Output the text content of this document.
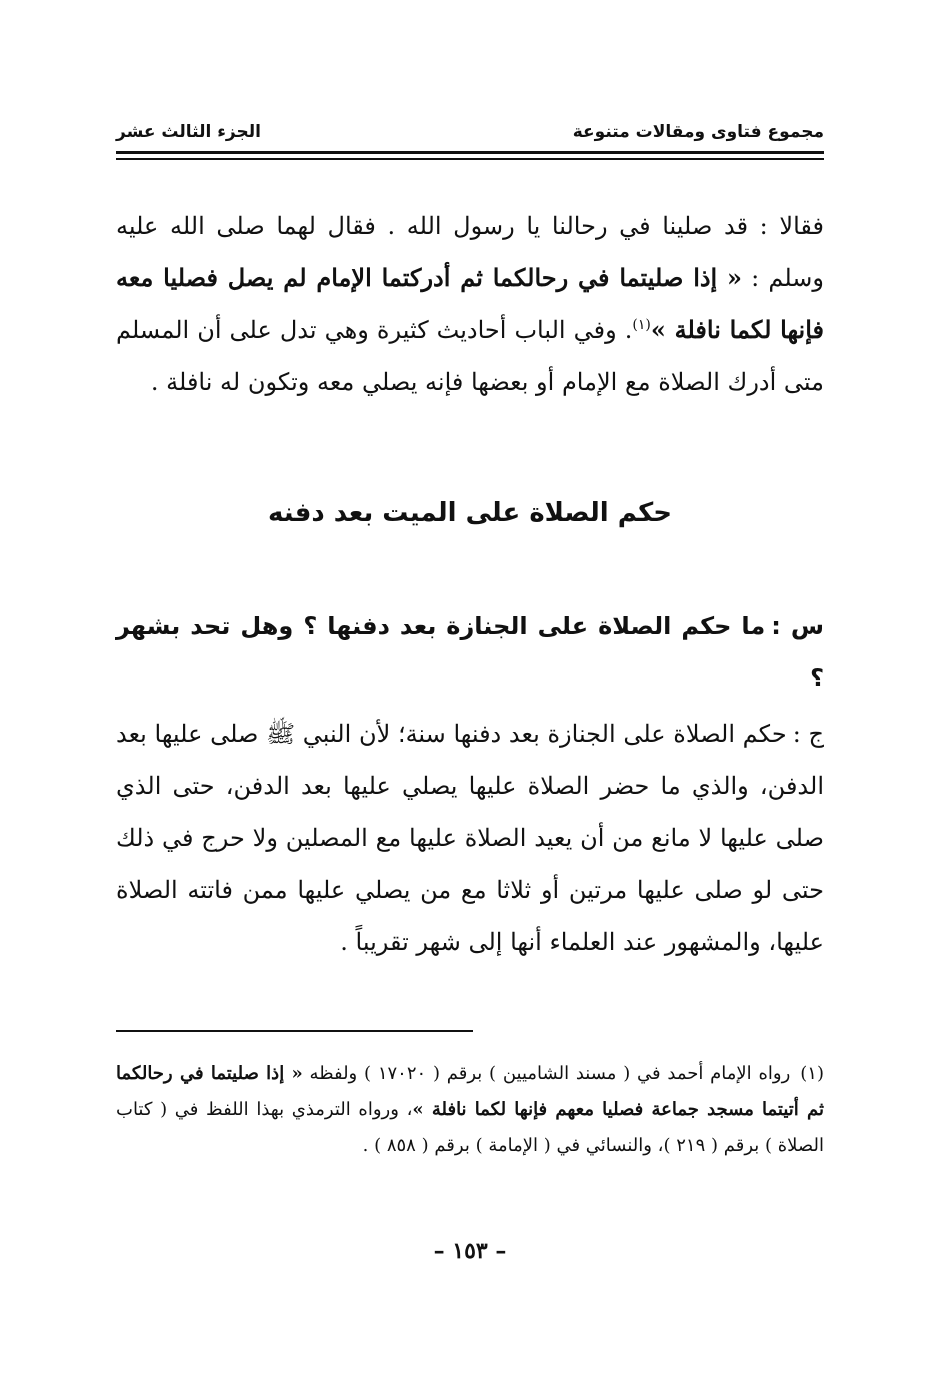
مجموع فتاوى ومقالات متنوعة
الجزء الثالث عشر
فقالا : قد صلينا في رحالنا يا رسول الله . فقال لهما صلى الله عليه وسلم : « إذا صليتما في رحالكما ثم أدركتما الإمام لم يصل فصليا معه فإنها لكما نافلة »$^{(١)}$. وفي الباب أحاديث كثيرة وهي تدل على أن المسلم متى أدرك الصلاة مع الإمام أو بعضها فإنه يصلي معه وتكون له نافلة .
حكم الصلاة على الميت بعد دفنه
س :ما حكم الصلاة على الجنازة بعد دفنها ؟ وهل تحد بشهر ؟
ج :حكم الصلاة على الجنازة بعد دفنها سنة؛ لأن النبي ﷺ صلى عليها بعد الدفن، والذي ما حضر الصلاة عليها يصلي عليها بعد الدفن، حتى الذي صلى عليها لا مانع من أن يعيد الصلاة عليها مع المصلين ولا حرج في ذلك حتى لو صلى عليها مرتين أو ثلاثا مع من يصلي عليها ممن فاتته الصلاة عليها، والمشهور عند العلماء أنها إلى شهر تقريباً .
(١)رواه الإمام أحمد في ( مسند الشاميين ) برقم ( ١٧٠٢٠ ) ولفظه « إذا صليتما في رحالكما ثم أتيتما مسجد جماعة فصليا معهم فإنها لكما نافلة »، ورواه الترمذي بهذا اللفظ في ( كتاب الصلاة ) برقم ( ٢١٩ )، والنسائي في ( الإمامة ) برقم ( ٨٥٨ ) .
– ١٥٣ –
